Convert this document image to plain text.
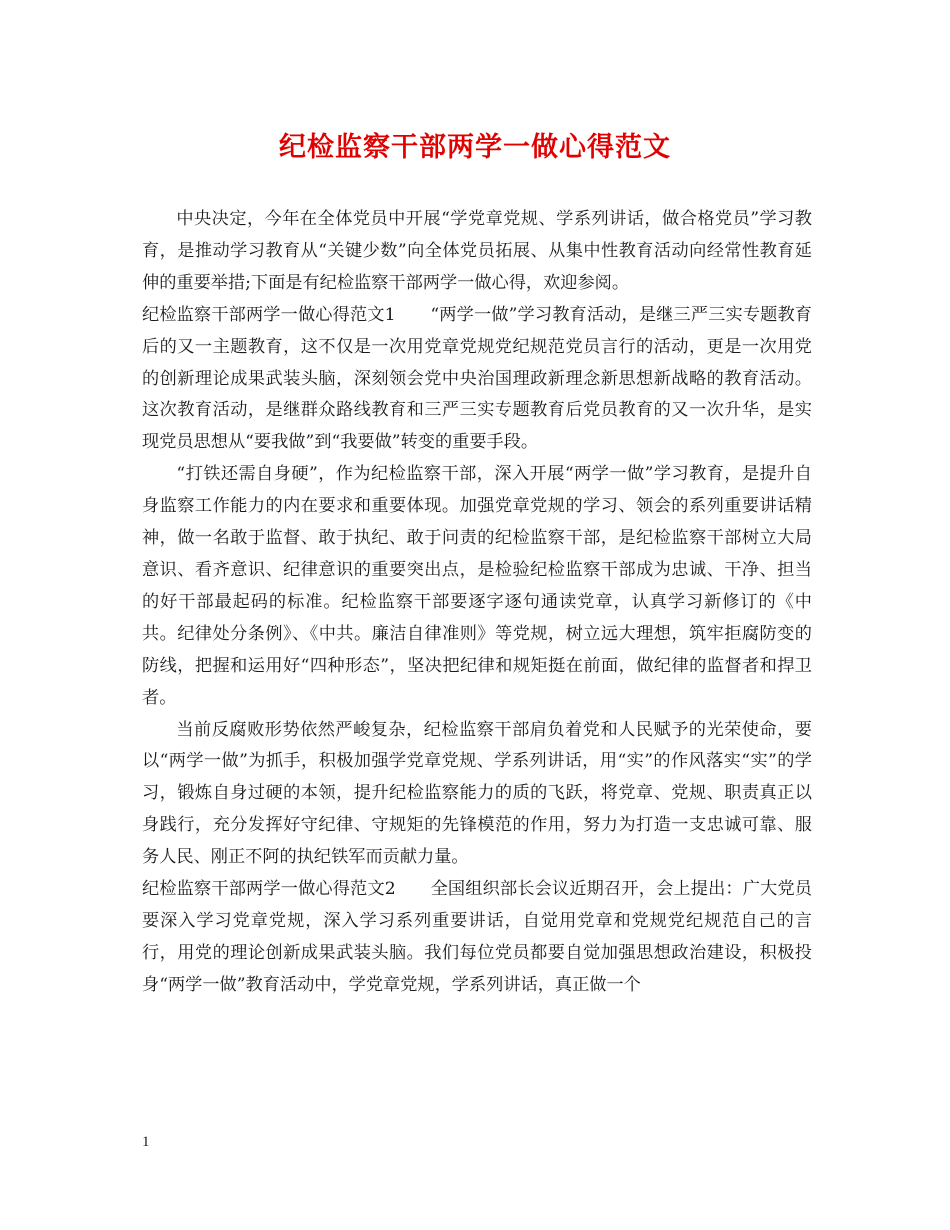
纪检监察干部两学一做心得范文

中央决定，今年在全体党员中开展“学党章党规、学系列讲话，做合格党员”学习教育，是推动学习教育从“关键少数”向全体党员拓展、从集中性教育活动向经常性教育延伸的重要举措;下面是有纪检监察干部两学一做心得，欢迎参阅。

纪检监察干部两学一做心得范文1　　“两学一做”学习教育活动，是继三严三实专题教育后的又一主题教育，这不仅是一次用党章党规党纪规范党员言行的活动，更是一次用党的创新理论成果武装头脑，深刻领会党中央治国理政新理念新思想新战略的教育活动。这次教育活动，是继群众路线教育和三严三实专题教育后党员教育的又一次升华，是实现党员思想从“要我做”到“我要做”转变的重要手段。

“打铁还需自身硬”，作为纪检监察干部，深入开展“两学一做”学习教育，是提升自身监察工作能力的内在要求和重要体现。加强党章党规的学习、领会的系列重要讲话精神，做一名敢于监督、敢于执纪、敢于问责的纪检监察干部，是纪检监察干部树立大局意识、看齐意识、纪律意识的重要突出点，是检验纪检监察干部成为忠诚、干净、担当的好干部最起码的标准。纪检监察干部要逐字逐句通读党章，认真学习新修订的《中共。纪律处分条例》、《中共。廉洁自律准则》等党规，树立远大理想，筑牢拒腐防变的防线，把握和运用好“四种形态”，坚决把纪律和规矩挺在前面，做纪律的监督者和捍卫者。

当前反腐败形势依然严峻复杂，纪检监察干部肩负着党和人民赋予的光荣使命，要以“两学一做”为抓手，积极加强学党章党规、学系列讲话，用“实”的作风落实“实”的学习，锻炼自身过硬的本领，提升纪检监察能力的质的飞跃，将党章、党规、职责真正以身践行，充分发挥好守纪律、守规矩的先锋模范的作用，努力为打造一支忠诚可靠、服务人民、刚正不阿的执纪铁军而贡献力量。

纪检监察干部两学一做心得范文2　　全国组织部长会议近期召开，会上提出：广大党员要深入学习党章党规，深入学习系列重要讲话，自觉用党章和党规党纪规范自己的言行，用党的理论创新成果武装头脑。我们每位党员都要自觉加强思想政治建设，积极投身“两学一做”教育活动中，学党章党规，学系列讲话，真正做一个

1
